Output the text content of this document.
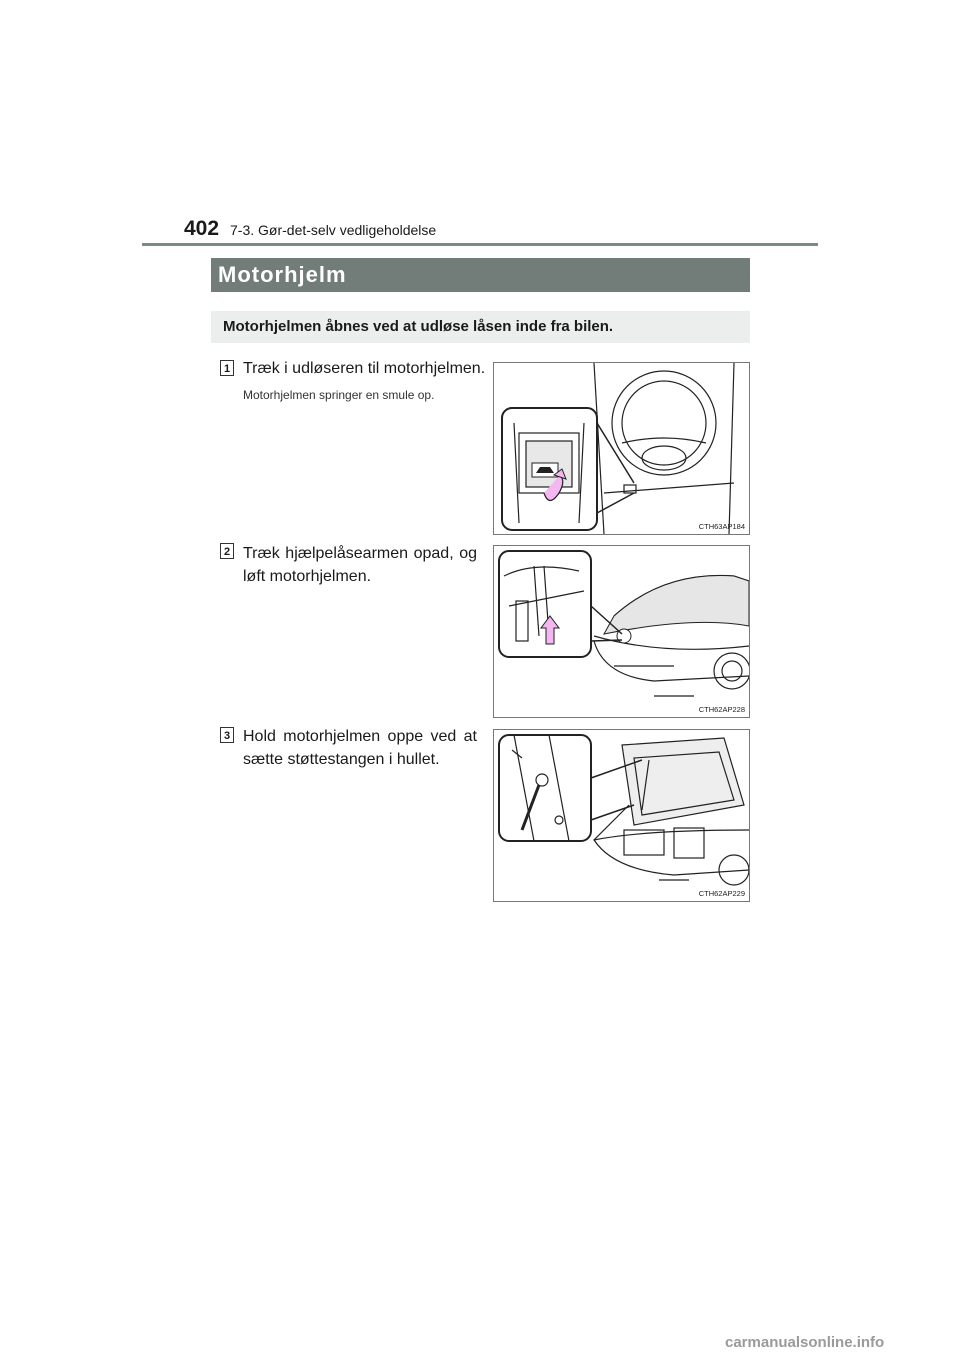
402 7-3. Gør-det-selv vedligeholdelse
Motorhjelm
Motorhjelmen åbnes ved at udløse låsen inde fra bilen.
1 Træk i udløseren til motorhjelmen.
Motorhjelmen springer en smule op.
CTH63AP184
2 Træk hjælpelåsearmen opad, og løft motorhjelmen.
CTH62AP228
3 Hold motorhjelmen oppe ved at sætte støttestangen i hullet.
CTH62AP229
carmanualsonline.info
